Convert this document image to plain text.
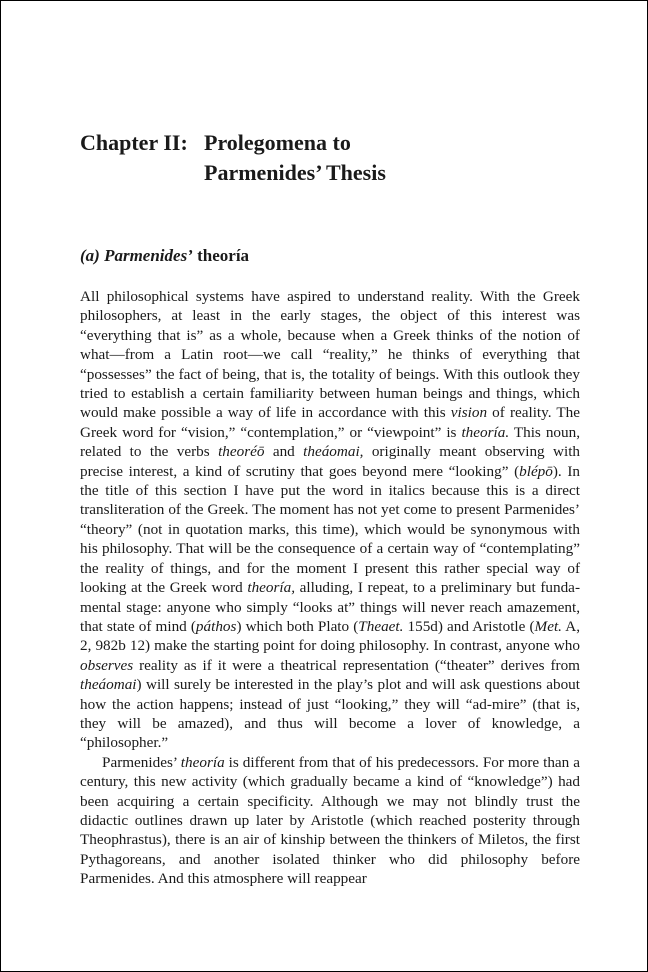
Chapter II: Prolegomena to
Parmenides’ Thesis
(a) Parmenides’ theoría

All philosophical systems have aspired to understand reality. With the Greek philosophers, at least in the early stages, the object of this interest was “everything that is” as a whole, because when a Greek thinks of the notion of what—from a Latin root—we call “reality,” he thinks of everything that “possesses” the fact of being, that is, the totality of beings. With this outlook they tried to establish a certain familiarity between human beings and things, which would make possible a way of life in accordance with this vision of reality. The Greek word for “vision,” “contemplation,” or “viewpoint” is theoría. This noun, related to the verbs theoréō and theáomai, originally meant observing with precise interest, a kind of scrutiny that goes beyond mere “looking” (blépō). In the title of this section I have put the word in italics because this is a direct transliteration of the Greek. The moment has not yet come to present Parmenides’ “theory” (not in quotation marks, this time), which would be synonymous with his philosophy. That will be the consequence of a certain way of “contemplating” the reality of things, and for the moment I present this rather special way of looking at the Greek word theoría, alluding, I repeat, to a preliminary but fundamental stage: anyone who simply “looks at” things will never reach amazement, that state of mind (páthos) which both Plato (Theaet. 155d) and Aristotle (Met. A, 2, 982b 12) make the starting point for doing philosophy. In contrast, anyone who observes reality as if it were a theatrical representation (“theater” derives from theáomai) will surely be interested in the play’s plot and will ask questions about how the action happens; instead of just “looking,” they will “ad-mire” (that is, they will be amazed), and thus will become a lover of knowledge, a “philosopher.”

Parmenides’ theoría is different from that of his predecessors. For more than a century, this new activity (which gradually became a kind of “knowledge”) had been acquiring a certain specificity. Although we may not blindly trust the didactic outlines drawn up later by Aristotle (which reached posterity through Theophrastus), there is an air of kinship between the thinkers of Miletos, the first Pythagoreans, and another isolated thinker who did philosophy before Parmenides. And this atmosphere will reappear
